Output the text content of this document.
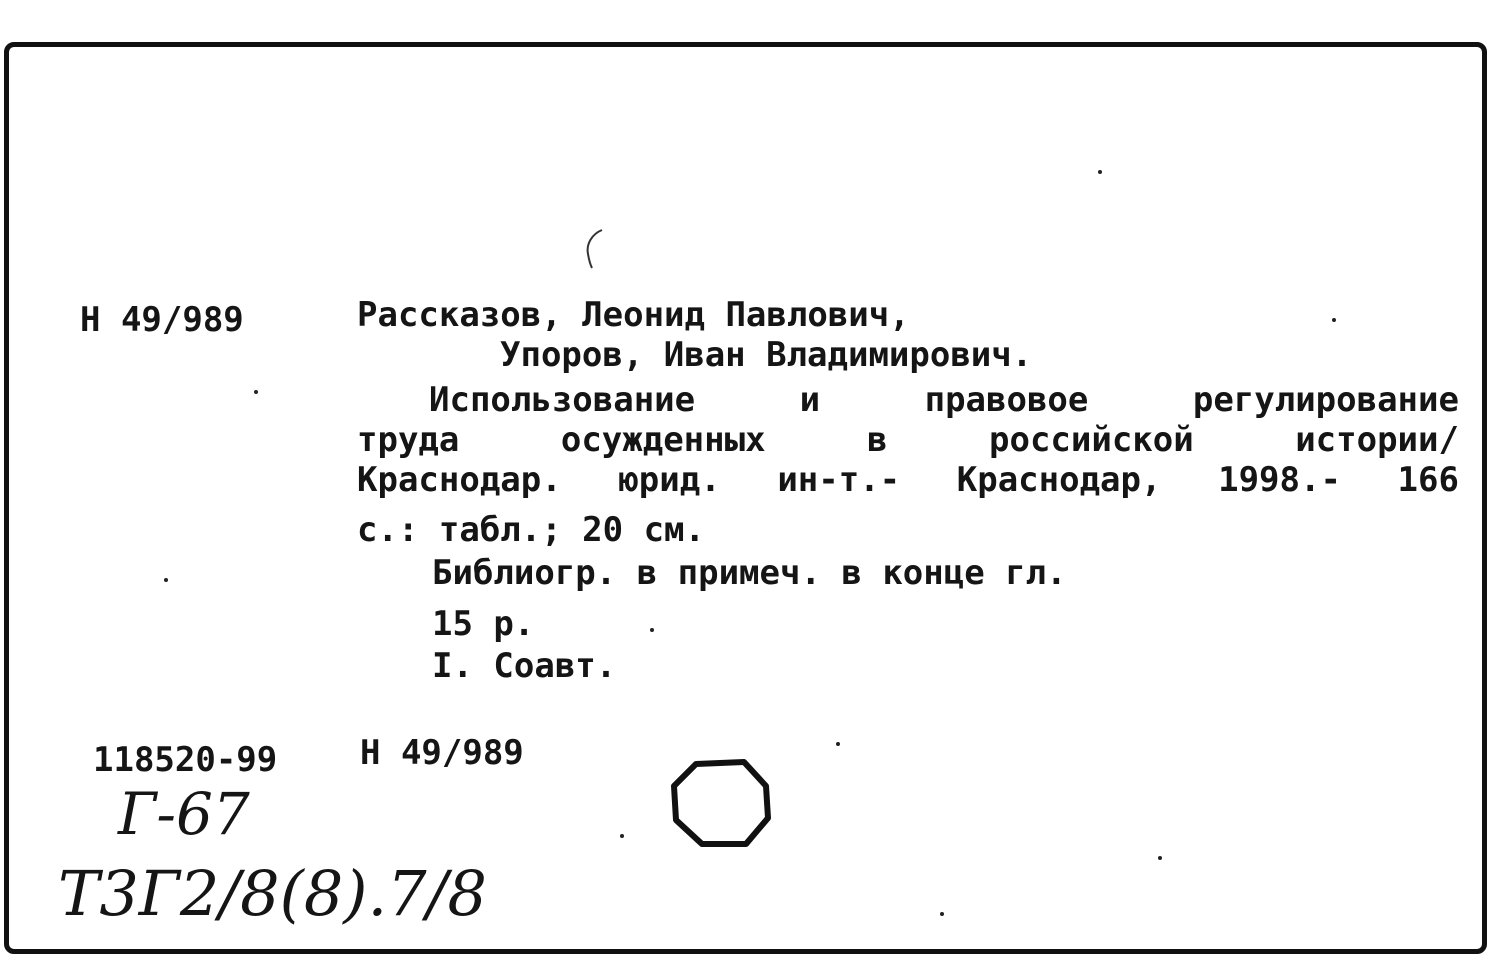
Н 49/989	Рассказов, Леонид Павлович,
Упоров, Иван Владимирович.
Использование	и	правовое	регулирование
труда	осужденных	в	российской	истории/
Краснодар. юрид. ин-т.- Краснодар, 1998.- 166
с.: табл.; 20 см.
Библиогр. в примеч. в конце гл.
15 р.
I. Соавт.
118520-99 Н 49/989
Г-67
Т3Г2/8(8).7/8
